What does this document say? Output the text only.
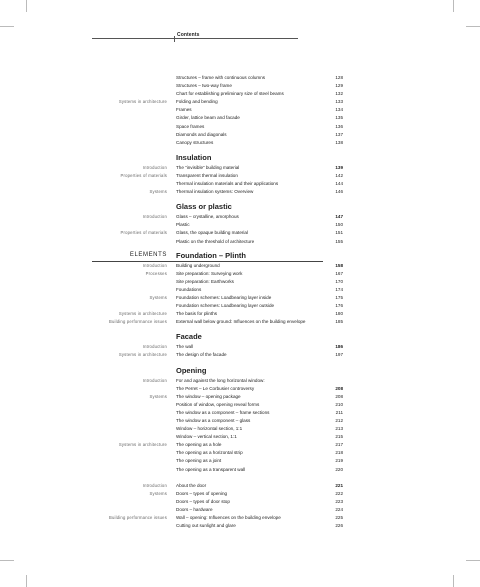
Contents
Structures – frame with continuous columns	128
Structures – two-way frame	129
Chart for establishing preliminary size of steel beams	132
Systems in architecture Folding and bending	133
Frames	134
Girder, lattice beam and facade	135
Space frames	136
Diamonds and diagonals	137
Canopy structures	138
Insulation
Introduction The “invisible” building material	139
Properties of materials Transparent thermal insulation	142
Thermal insulation materials and their applications	144
Systems Thermal insulation systems: Overview	146
Glass or plastic
Introduction Glass – crystalline, amorphous	147
Plastic	150
Properties of materials Glass, the opaque building material	151
Plastic on the threshold of architecture	155
ELEMENTS Foundation – Plinth
Introduction Building underground	158
Processes Site preparation: Surveying work	167
Site preparation: Earthworks	170
Foundations	174
Systems Foundation schemes: Loadbearing layer inside	175
Foundation schemes: Loadbearing layer outside	176
Systems in architecture The basis for plinths	180
Building performance issues External wall below ground: Influences on the building envelope	185
Facade
Introduction The wall	186
Systems in architecture The design of the facade	197
Opening
Introduction For and against the long horizontal window:
The Perret – Le Corbusier controversy	208
Systems The window – opening package	208
Position of window, opening reveal forms	210
The window as a component – frame sections	211
The window as a component – glass	212
Window – horizontal section, 1:1	213
Window – vertical section, 1:1	215
Systems in architecture The opening as a hole	217
The opening as a horizontal strip	218
The opening as a joint	219
The opening as a transparent wall	220
Introduction About the door	221
Systems Doors – types of opening	222
Doors – types of door stop	223
Doors – hardware	224
Building performance issues Wall – opening: Influences on the building envelope	225
Cutting out sunlight and glare	226
